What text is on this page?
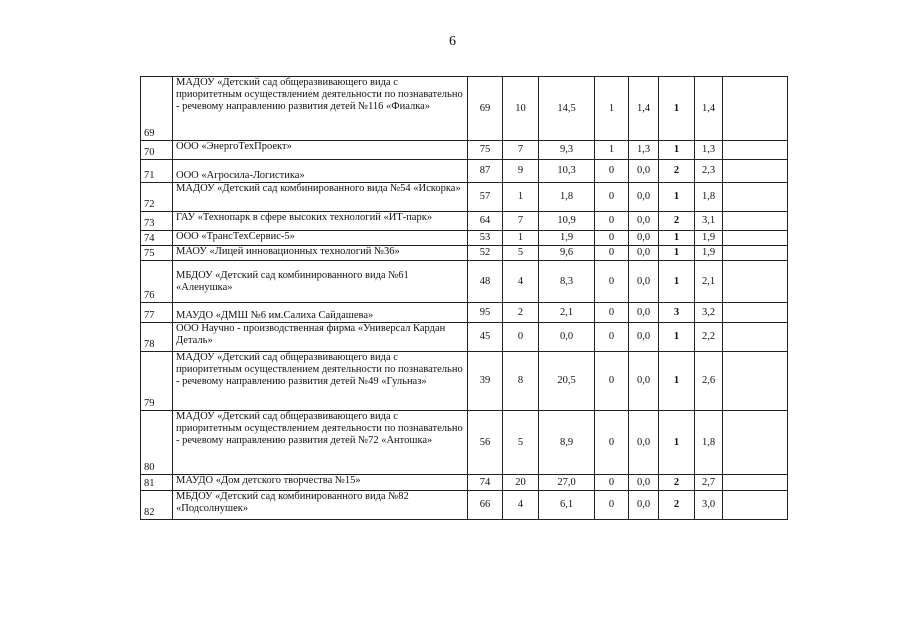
6
69	МАДОУ «Детский сад общеразвивающего вида с приоритетным осуществлением деятельности по познавательно - речевому направлению развития детей №116 «Фиалка»	69	10	14,5	1	1,4	1	1,4	
70	ООО «ЭнергоТехПроект»	75	7	9,3	1	1,3	1	1,3	
71	ООО «Агросила-Логистика»	87	9	10,3	0	0,0	2	2,3	
72	МАДОУ «Детский сад комбинированного вида №54 «Искорка»	57	1	1,8	0	0,0	1	1,8	
73	ГАУ «Технопарк в сфере высоких технологий «ИТ-парк»	64	7	10,9	0	0,0	2	3,1	
74	ООО «ТрансТехСервис-5»	53	1	1,9	0	0,0	1	1,9	
75	МАОУ «Лицей инновационных технологий №36»	52	5	9,6	0	0,0	1	1,9	
76	МБДОУ «Детский сад комбинированного вида №61 «Аленушка»	48	4	8,3	0	0,0	1	2,1	
77	МАУДО «ДМШ №6 им.Салиха Сайдашева»	95	2	2,1	0	0,0	3	3,2	
78	ООО Научно - производственная фирма «Универсал Кардан Деталь»	45	0	0,0	0	0,0	1	2,2	
79	МАДОУ «Детский сад общеразвивающего вида с приоритетным осуществлением деятельности по познавательно - речевому направлению развития детей №49 «Гульназ»	39	8	20,5	0	0,0	1	2,6	
80	МАДОУ «Детский сад общеразвивающего вида с приоритетным осуществлением деятельности по познавательно - речевому направлению развития детей №72 «Антошка»	56	5	8,9	0	0,0	1	1,8	
81	МАУДО «Дом детского творчества №15»	74	20	27,0	0	0,0	2	2,7	
82	МБДОУ «Детский сад комбинированного вида №82 «Подсолнушек»	66	4	6,1	0	0,0	2	3,0	
